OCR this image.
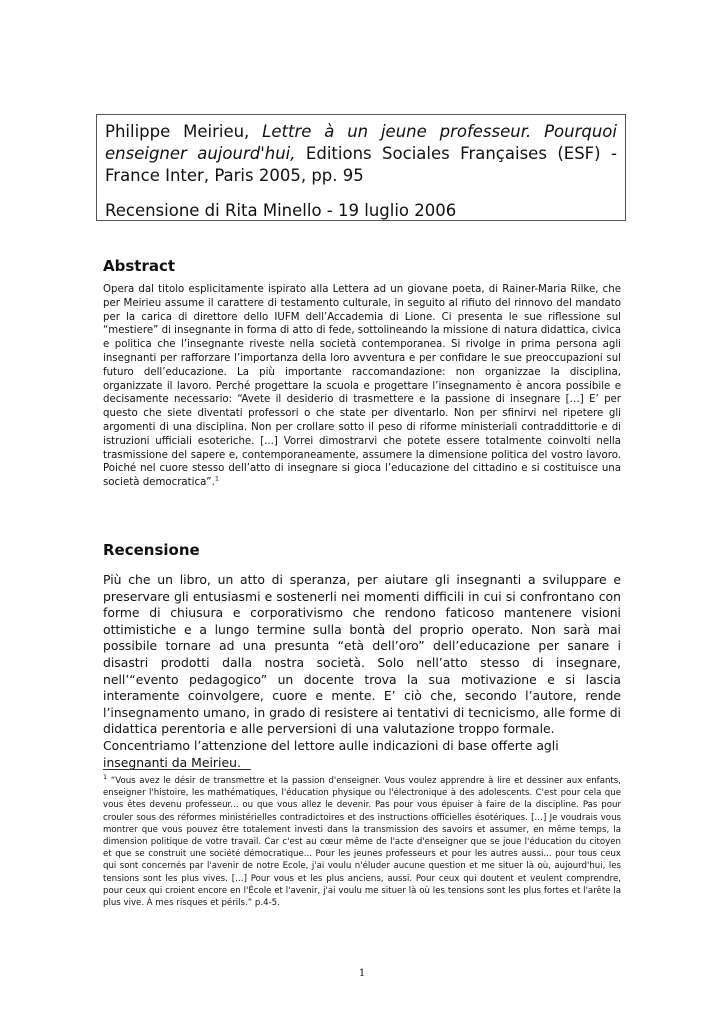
Philippe Meirieu, Lettre à un jeune professeur. Pourquoi enseigner aujourd'hui, Editions Sociales Françaises (ESF) - France Inter, Paris 2005, pp. 95

Recensione di Rita Minello - 19 luglio 2006

Abstract

Opera dal titolo esplicitamente ispirato alla Lettera ad un giovane poeta, di Rainer-Maria Rilke, che per Meirieu assume il carattere di testamento culturale, in seguito al rifiuto del rinnovo del mandato per la carica di direttore dello IUFM dell’Accademia di Lione. Ci presenta le sue riflessione sul “mestiere” di insegnante in forma di atto di fede, sottolineando la missione di natura didattica, civica e politica che l’insegnante riveste nella società contemporanea. Si rivolge in prima persona agli insegnanti per rafforzare l’importanza della loro avventura e per confidare le sue preoccupazioni sul futuro dell’educazione. La più importante raccomandazione: non organizzae la disciplina, organizzate il lavoro. Perché progettare la scuola e progettare l’insegnamento è ancora possibile e decisamente necessario: “Avete il desiderio di trasmettere e la passione di insegnare […] E’ per questo che siete diventati professori o che state per diventarlo. Non per sfinirvi nel ripetere gli argomenti di una disciplina. Non per crollare sotto il peso di riforme ministeriali contraddittorie e di istruzioni ufficiali esoteriche. [...] Vorrei dimostrarvi che potete essere totalmente coinvolti nella trasmissione del sapere e, contemporaneamente, assumere la dimensione politica del vostro lavoro. Poiché nel cuore stesso dell’atto di insegnare si gioca l’educazione del cittadino e si costituisce una società democratica”.$^1$

Recensione

Più che un libro, un atto di speranza, per aiutare gli insegnanti a sviluppare e preservare gli entusiasmi e sostenerli nei momenti difficili in cui si confrontano con forme di chiusura e corporativismo che rendono faticoso mantenere visioni ottimistiche e a lungo termine sulla bontà del proprio operato. Non sarà mai possibile tornare ad una presunta “età dell’oro” dell’educazione per sanare i disastri prodotti dalla nostra società. Solo nell’atto stesso di insegnare, nell’“evento pedagogico” un docente trova la sua motivazione e si lascia interamente coinvolgere, cuore e mente. E’ ciò che, secondo l’autore, rende l’insegnamento umano, in grado di resistere ai tentativi di tecnicismo, alle forme di didattica perentoria e alle perversioni di una valutazione troppo formale.
Concentriamo l’attenzione del lettore aulle indicazioni di base offerte agli insegnanti da Meirieu.

$^1$ “Vous avez le désir de transmettre et la passion d'enseigner. Vous voulez apprendre à lire et dessiner aux enfants, enseigner l'histoire, les mathématiques, l'éducation physique ou l'électronique à des adolescents. C'est pour cela que vous êtes devenu professeur... ou que vous allez le devenir. Pas pour vous épuiser à faire de la discipline. Pas pour crouler sous des réformes ministérielles contradictoires et des instructions officielles ésotériques. […] Je voudrais vous montrer que vous pouvez être totalement investi dans la transmission des savoirs et assumer, en même temps, la dimension politique de votre travail. Car c'est au cœur même de l'acte d'enseigner que se joue l'éducation du citoyen et que se construit une société démocratique... Pour les jeunes professeurs et pour les autres aussi... pour tous ceux qui sont concernés par l'avenir de notre Ecole, j'ai voulu n'éluder aucune question et me situer là où, aujourd'hui, les tensions sont les plus vives. […] Pour vous et les plus anciens, aussi. Pour ceux qui doutent et veulent comprendre, pour ceux qui croient encore en l'École et l'avenir, j'ai voulu me situer là où les tensions sont les plus fortes et l'arête la plus vive. À mes risques et périls.” p.4-5.

1
